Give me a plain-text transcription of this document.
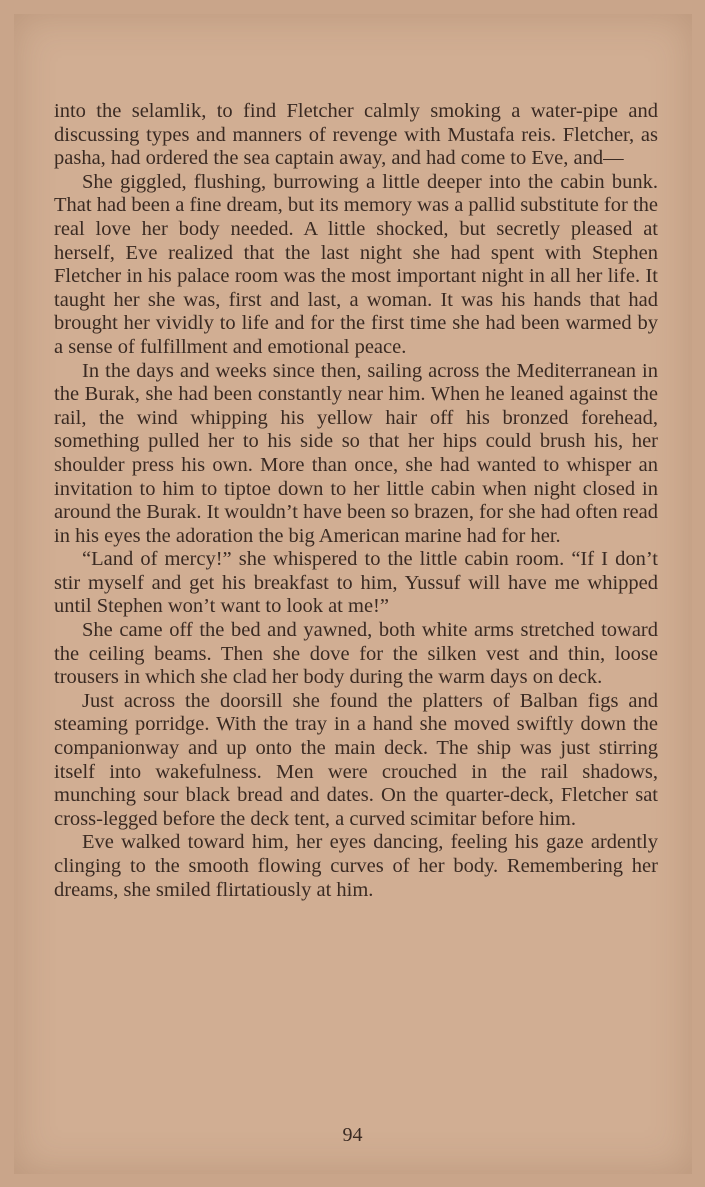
into the selamlik, to find Fletcher calmly smoking a water-pipe and discussing types and manners of revenge with Mustafa reis. Fletcher, as pasha, had ordered the sea captain away, and had come to Eve, and—

She giggled, flushing, burrowing a little deeper into the cabin bunk. That had been a fine dream, but its memory was a pallid substitute for the real love her body needed. A little shocked, but secretly pleased at herself, Eve realized that the last night she had spent with Stephen Fletcher in his palace room was the most important night in all her life. It taught her she was, first and last, a woman. It was his hands that had brought her vividly to life and for the first time she had been warmed by a sense of fulfillment and emotional peace.

In the days and weeks since then, sailing across the Mediterranean in the Burak, she had been constantly near him. When he leaned against the rail, the wind whipping his yellow hair off his bronzed forehead, something pulled her to his side so that her hips could brush his, her shoulder press his own. More than once, she had wanted to whisper an invitation to him to tiptoe down to her little cabin when night closed in around the Burak. It wouldn’t have been so brazen, for she had often read in his eyes the adoration the big American marine had for her.

“Land of mercy!” she whispered to the little cabin room. “If I don’t stir myself and get his breakfast to him, Yussuf will have me whipped until Stephen won’t want to look at me!”

She came off the bed and yawned, both white arms stretched toward the ceiling beams. Then she dove for the silken vest and thin, loose trousers in which she clad her body during the warm days on deck.

Just across the doorsill she found the platters of Balban figs and steaming porridge. With the tray in a hand she moved swiftly down the companionway and up onto the main deck. The ship was just stirring itself into wakefulness. Men were crouched in the rail shadows, munching sour black bread and dates. On the quarter-deck, Fletcher sat cross-legged before the deck tent, a curved scimitar before him.

Eve walked toward him, her eyes dancing, feeling his gaze ardently clinging to the smooth flowing curves of her body. Remembering her dreams, she smiled flirtatiously at him.

94
